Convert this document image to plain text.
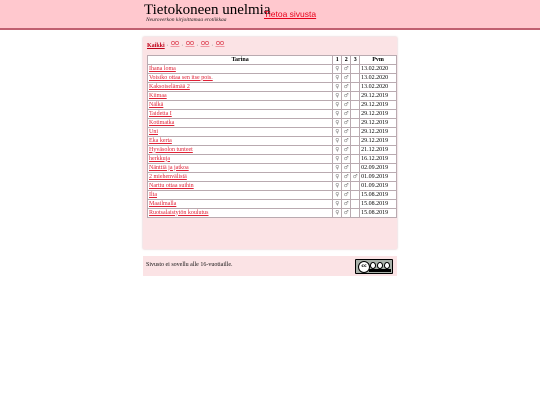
Tietokoneen unelmia
Neuroverkon kirjoittamaa erotiikkaa
Tietoa sivusta
Kaikki ·  ·  ·  ·
Tarina	1	2	3	Pvm
Ihana loma	♀	♂		13.02.2020
Voisiko ottaa sen itse pois.	♀	♂		13.02.2020
Kaksoiselämää 2	♀	♂		13.02.2020
Kiimaa	♀	♂		29.12.2019
Nälkä	♀	♂		29.12.2019
Taidetta I	♀	♂		29.12.2019
Kotimatka	♀	♂		29.12.2019
Uni	♀	♂		29.12.2019
Eka kerta	♀	♂		29.12.2019
Hyväsolon tunteet	♀	♂		21.12.2019
herkkuja	♀	♂		16.12.2019
Nänttiä ja jatkoa	♀	♂		02.09.2019
2 miehenvälistä	♀	♂	♂	01.09.2019
Narttu ottaa suihin	♀	♂		01.09.2019
Ilta	♀	♂		15.08.2019
Maailmalla	♀	♂		15.08.2019
Ruotsalaistytön koulutus	♀	♂		15.08.2019
Sivusto ei sovellu alle 16-vuotiaille.	cc
